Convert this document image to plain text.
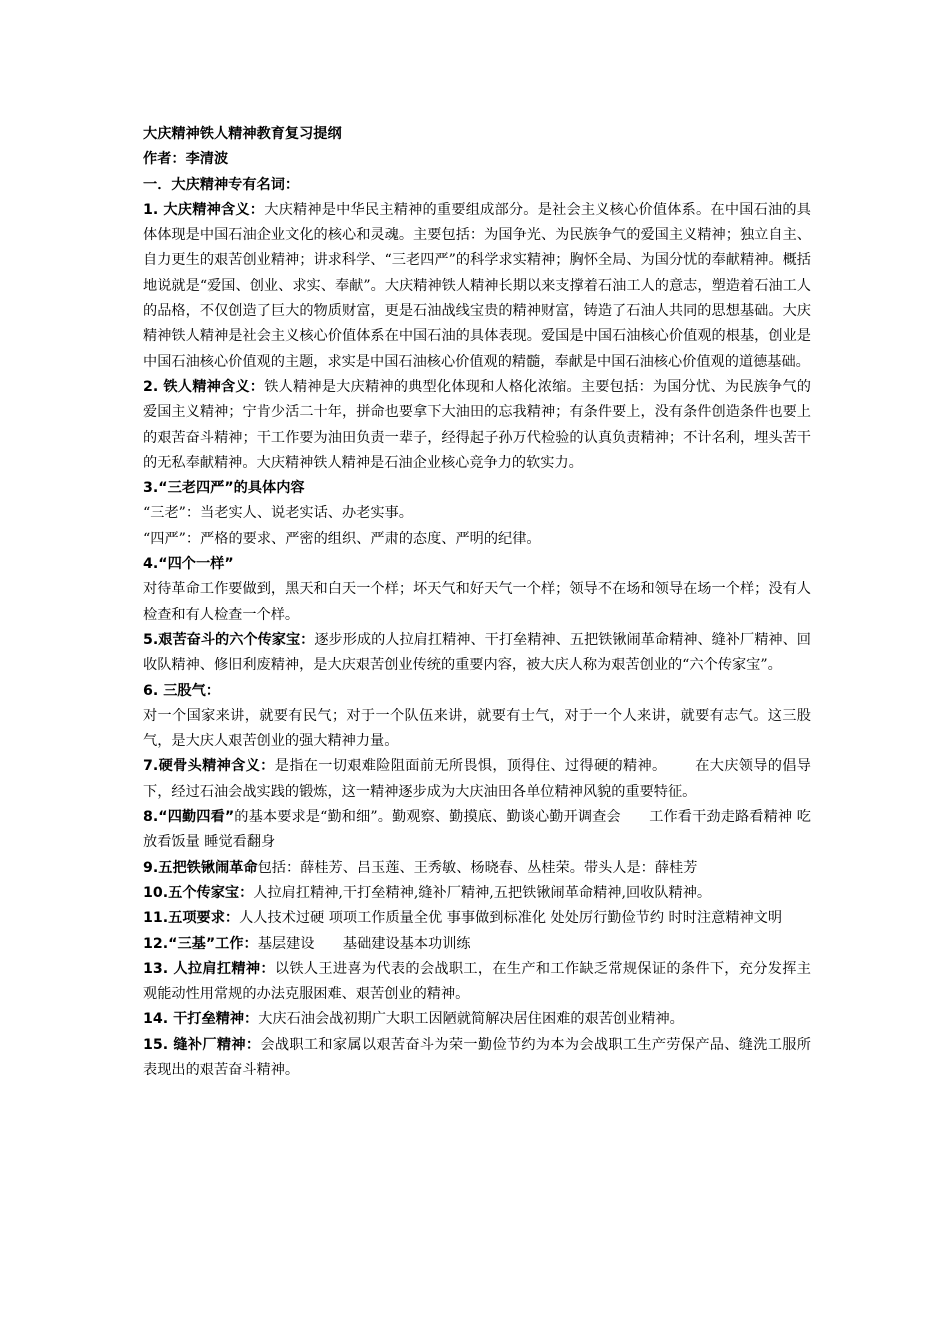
大庆精神铁人精神教育复习提纲

作者：李清波

一．大庆精神专有名词：

1. 大庆精神含义：大庆精神是中华民主精神的重要组成部分。是社会主义核心价值体系。在中国石油的具体体现是中国石油企业文化的核心和灵魂。主要包括：为国争光、为民族争气的爱国主义精神；独立自主、自力更生的艰苦创业精神；讲求科学、“三老四严”的科学求实精神；胸怀全局、为国分忧的奉献精神。概括地说就是“爱国、创业、求实、奉献”。大庆精神铁人精神长期以来支撑着石油工人的意志，塑造着石油工人的品格，不仅创造了巨大的物质财富，更是石油战线宝贵的精神财富，铸造了石油人共同的思想基础。大庆精神铁人精神是社会主义核心价值体系在中国石油的具体表现。爱国是中国石油核心价值观的根基，创业是中国石油核心价值观的主题，求实是中国石油核心价值观的精髓，奉献是中国石油核心价值观的道德基础。

2. 铁人精神含义：铁人精神是大庆精神的典型化体现和人格化浓缩。主要包括：为国分忧、为民族争气的爱国主义精神；宁肯少活二十年，拼命也要拿下大油田的忘我精神；有条件要上，没有条件创造条件也要上的艰苦奋斗精神；干工作要为油田负责一辈子，经得起子孙万代检验的认真负责精神；不计名利，埋头苦干的无私奉献精神。大庆精神铁人精神是石油企业核心竞争力的软实力。

3.“三老四严”的具体内容

“三老”：当老实人、说老实话、办老实事。

“四严”：严格的要求、严密的组织、严肃的态度、严明的纪律。

4.“四个一样”

对待革命工作要做到，黑天和白天一个样；坏天气和好天气一个样；领导不在场和领导在场一个样；没有人检查和有人检查一个样。

5.艰苦奋斗的六个传家宝：逐步形成的人拉肩扛精神、干打垒精神、五把铁锹闹革命精神、缝补厂精神、回收队精神、修旧利废精神，是大庆艰苦创业传统的重要内容，被大庆人称为艰苦创业的“六个传家宝”。

6. 三股气：

对一个国家来讲，就要有民气；对于一个队伍来讲，就要有士气，对于一个人来讲，就要有志气。这三股气，是大庆人艰苦创业的强大精神力量。

7.硬骨头精神含义：是指在一切艰难险阻面前无所畏惧，顶得住、过得硬的精神。 在大庆领导的倡导下，经过石油会战实践的锻炼，这一精神逐步成为大庆油田各单位精神风貌的重要特征。

8.“四勤四看”的基本要求是“勤和细”。勤观察、勤摸底、勤谈心勤开调查会 工作看干劲走路看精神 吃放看饭量 睡觉看翻身

9.五把铁锹闹革命包括：薛桂芳、吕玉莲、王秀敏、杨晓春、丛桂荣。带头人是：薛桂芳

10.五个传家宝：人拉肩扛精神,干打垒精神,缝补厂精神,五把铁锹闹革命精神,回收队精神。

11.五项要求：人人技术过硬 项项工作质量全优 事事做到标准化 处处厉行勤俭节约 时时注意精神文明

12.“三基”工作：基层建设 基础建设基本功训练

13. 人拉肩扛精神：以铁人王进喜为代表的会战职工，在生产和工作缺乏常规保证的条件下，充分发挥主观能动性用常规的办法克服困难、艰苦创业的精神。

14. 干打垒精神：大庆石油会战初期广大职工因陋就简解决居住困难的艰苦创业精神。

15. 缝补厂精神：会战职工和家属以艰苦奋斗为荣一勤俭节约为本为会战职工生产劳保产品、缝洗工服所表现出的艰苦奋斗精神。
